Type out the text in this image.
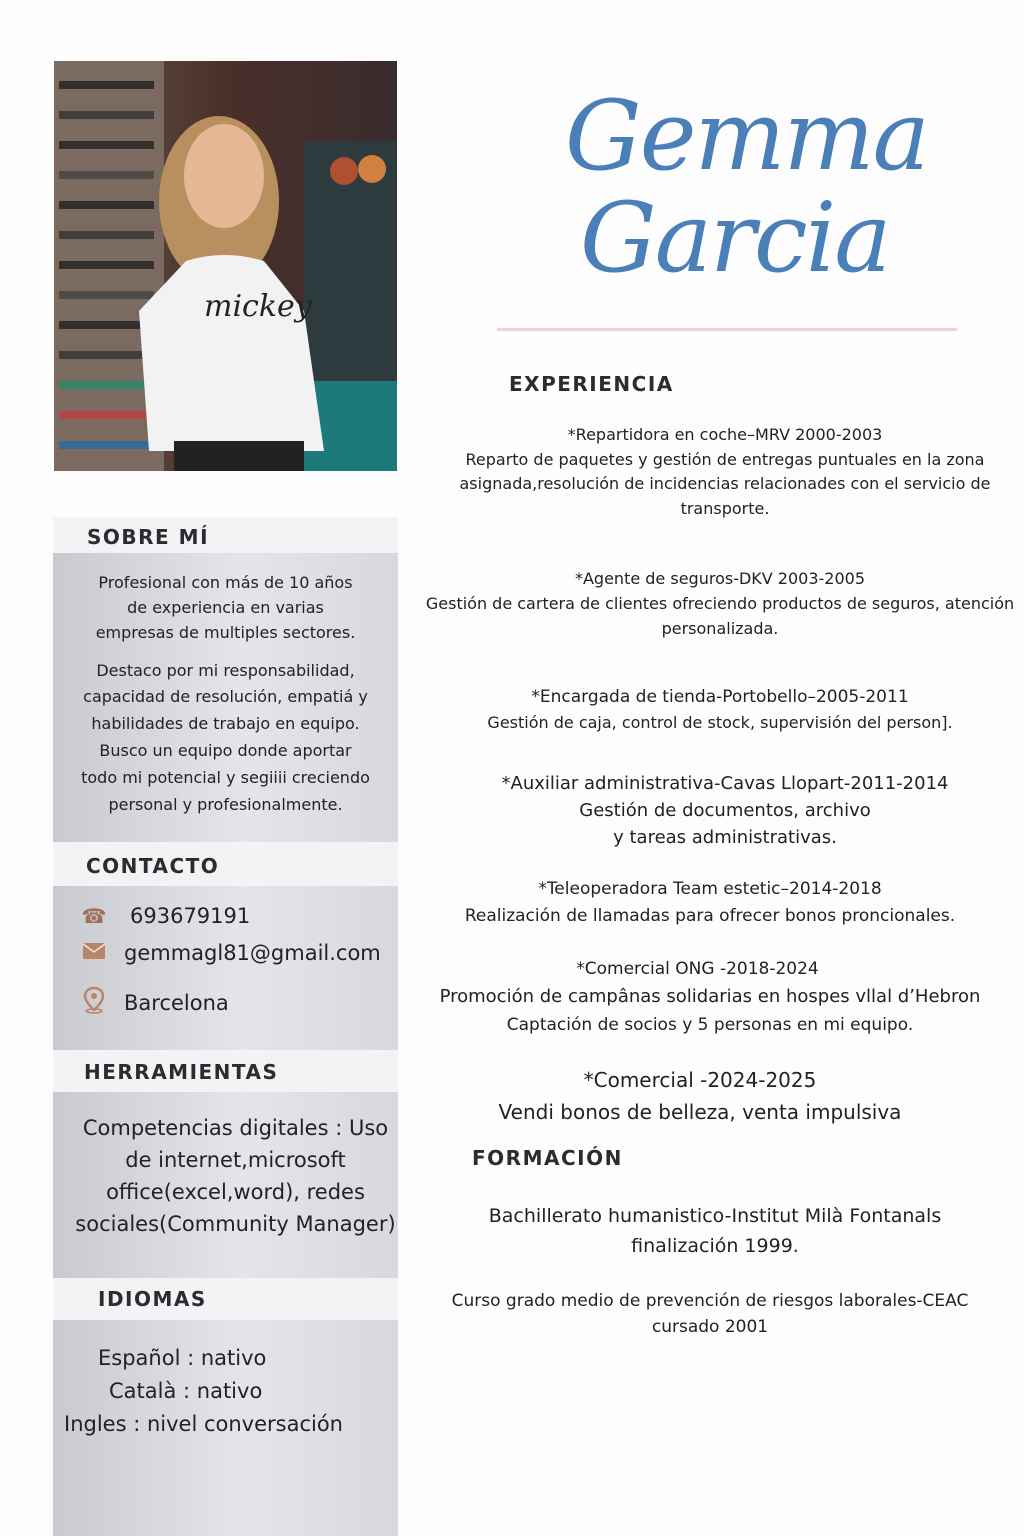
mickey
SOBRE MÍ

Profesional con más de 10 años

de experiencia en varias

empresas de multiples sectores.

Destaco por mi responsabilidad,

capacidad de resolución, empatiá y

habilidades de trabajo en equipo.

Busco un equipo donde aportar

todo mi potencial y segiiii creciendo

personal y profesionalmente.

CONTACTO
☎ 693679191
gemmagl81@gmail.com
Barcelona
HERRAMIENTAS
Competencias digitales : Uso
de internet,microsoft
office(excel,word), redes
sociales(Community Manager)
IDIOMAS
Español : nativo
Català : nativo
Ingles : nivel conversación
Gemma
Garcia
EXPERIENCIA
*Repartidora en coche–MRV 2000-2003
Reparto de paquetes y gestión de entregas puntuales en la zona
asignada,resolución de incidencias relacionades con el servicio de
transporte.
*Agente de seguros-DKV 2003-2005
Gestión de cartera de clientes ofreciendo productos de seguros, atención
personalizada.
*Encargada de tienda-Portobello–2005-2011
Gestión de caja, control de stock, supervisión del person].
*Auxiliar administrativa-Cavas Llopart-2011-2014
Gestión de documentos, archivo
y tareas administrativas.
*Teleoperadora Team estetic–2014-2018
Realización de llamadas para ofrecer bonos proncionales.
*Comercial ONG -2018-2024
Promoción de campânas solidarias en hospes vllal d’Hebron
Captación de socios y 5 personas en mi equipo.
*Comercial -2024-2025
Vendi bonos de belleza, venta impulsiva
FORMACIÓN
Bachillerato humanistico-Institut Milà Fontanals
finalización 1999.
Curso grado medio de prevención de riesgos laborales-CEAC
cursado 2001
